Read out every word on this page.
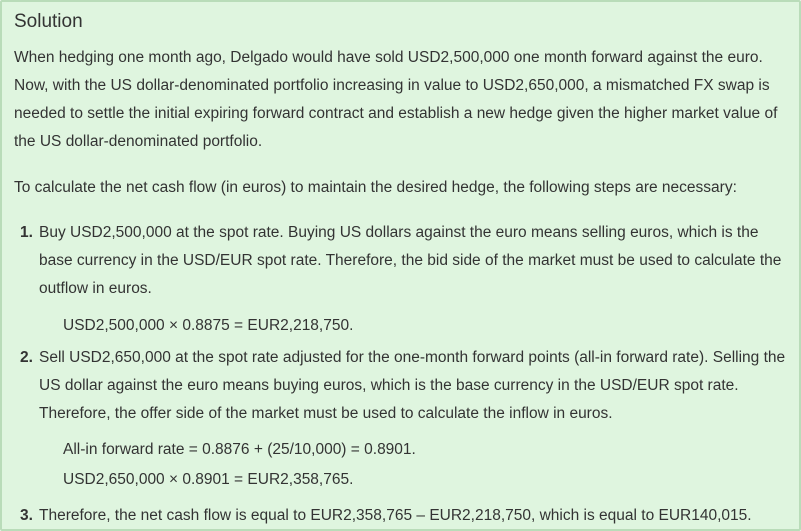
Solution
When hedging one month ago, Delgado would have sold USD2,500,000 one month forward against the euro. Now, with the US dollar-denominated portfolio increasing in value to USD2,650,000, a mismatched FX swap is needed to settle the initial expiring forward contract and establish a new hedge given the higher market value of the US dollar-denominated portfolio.
To calculate the net cash flow (in euros) to maintain the desired hedge, the following steps are necessary:
1. Buy USD2,500,000 at the spot rate. Buying US dollars against the euro means selling euros, which is the base currency in the USD/EUR spot rate. Therefore, the bid side of the market must be used to calculate the outflow in euros.
USD2,500,000 × 0.8875 = EUR2,218,750.
2. Sell USD2,650,000 at the spot rate adjusted for the one-month forward points (all-in forward rate). Selling the US dollar against the euro means buying euros, which is the base currency in the USD/EUR spot rate. Therefore, the offer side of the market must be used to calculate the inflow in euros.
All-in forward rate = 0.8876 + (25/10,000) = 0.8901.
USD2,650,000 × 0.8901 = EUR2,358,765.
3. Therefore, the net cash flow is equal to EUR2,358,765 – EUR2,218,750, which is equal to EUR140,015.
